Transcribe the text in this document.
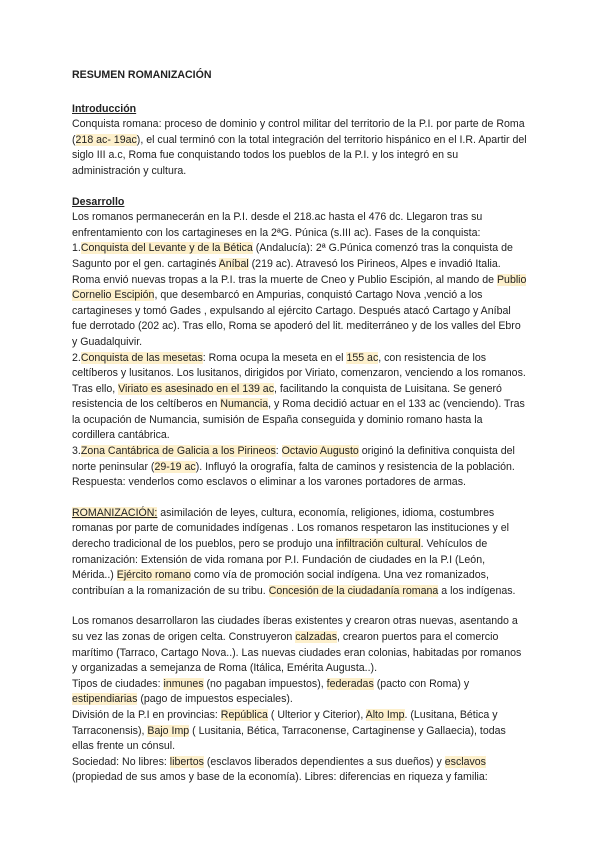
RESUMEN ROMANIZACIÓN

Introducción

Conquista romana: proceso de dominio y control militar del territorio de la P.I. por parte de Roma (218 ac- 19ac), el cual terminó con la total integración del territorio hispánico en el I.R. Apartir del siglo III a.c, Roma fue conquistando todos los pueblos de la P.I. y los integró en su administración y cultura.

Desarrollo

Los romanos permanecerán en la P.I. desde el 218.ac hasta el 476 dc. Llegaron tras su enfrentamiento con los cartagineses en la 2ªG. Púnica (s.III ac). Fases de la conquista:

1.Conquista del Levante y de la Bética (Andalucía): 2ª G.Púnica comenzó tras la conquista de Sagunto por el gen. cartaginés Aníbal (219 ac). Atravesó los Pirineos, Alpes e invadió Italia. Roma envió nuevas tropas a la P.I. tras la muerte de Cneo y Publio Escipión, al mando de Publio Cornelio Escipión, que desembarcó en Ampurias, conquistó Cartago Nova ,venció a los cartagineses y tomó Gades , expulsando al ejército Cartago. Después atacó Cartago y Aníbal fue derrotado (202 ac). Tras ello, Roma se apoderó del lit. mediterráneo y de los valles del Ebro y Guadalquivir.

2.Conquista de las mesetas: Roma ocupa la meseta en el 155 ac, con resistencia de los celtíberos y lusitanos. Los lusitanos, dirigidos por Viriato, comenzaron, venciendo a los romanos. Tras ello, Viriato es asesinado en el 139 ac, facilitando la conquista de Luisitana. Se generó resistencia de los celtíberos en Numancia, y Roma decidió actuar en el 133 ac (venciendo). Tras la ocupación de Numancia, sumisión de España conseguida y dominio romano hasta la cordillera cantábrica.

3.Zona Cantábrica de Galicia a los Pirineos: Octavio Augusto originó la definitiva conquista del norte peninsular (29-19 ac). Influyó la orografía, falta de caminos y resistencia de la población. Respuesta: venderlos como esclavos o eliminar a los varones portadores de armas.

ROMANIZACIÓN: asimilación de leyes, cultura, economía, religiones, idioma, costumbres romanas por parte de comunidades indígenas . Los romanos respetaron las instituciones y el derecho tradicional de los pueblos, pero se produjo una infiltración cultural. Vehículos de romanización: Extensión de vida romana por P.I. Fundación de ciudades en la P.I (León, Mérida..) Ejército romano como vía de promoción social indígena. Una vez romanizados, contribuían a la romanización de su tribu. Concesión de la ciudadanía romana a los indígenas.

Los romanos desarrollaron las ciudades íberas existentes y crearon otras nuevas, asentando a su vez las zonas de origen celta. Construyeron calzadas, crearon puertos para el comercio marítimo (Tarraco, Cartago Nova..). Las nuevas ciudades eran colonias, habitadas por romanos y organizadas a semejanza de Roma (Itálica, Emérita Augusta..).

Tipos de ciudades: inmunes (no pagaban impuestos), federadas (pacto con Roma) y estipendiarias (pago de impuestos especiales).

División de la P.I en provincias: República ( Ulterior y Citerior), Alto Imp. (Lusitana, Bética y Tarraconensis), Bajo Imp ( Lusitania, Bética, Tarraconense, Cartaginense y Gallaecia), todas ellas frente un cónsul.

Sociedad: No libres: libertos (esclavos liberados dependientes a sus dueños) y esclavos (propiedad de sus amos y base de la economía). Libres: diferencias en riqueza y familia:
